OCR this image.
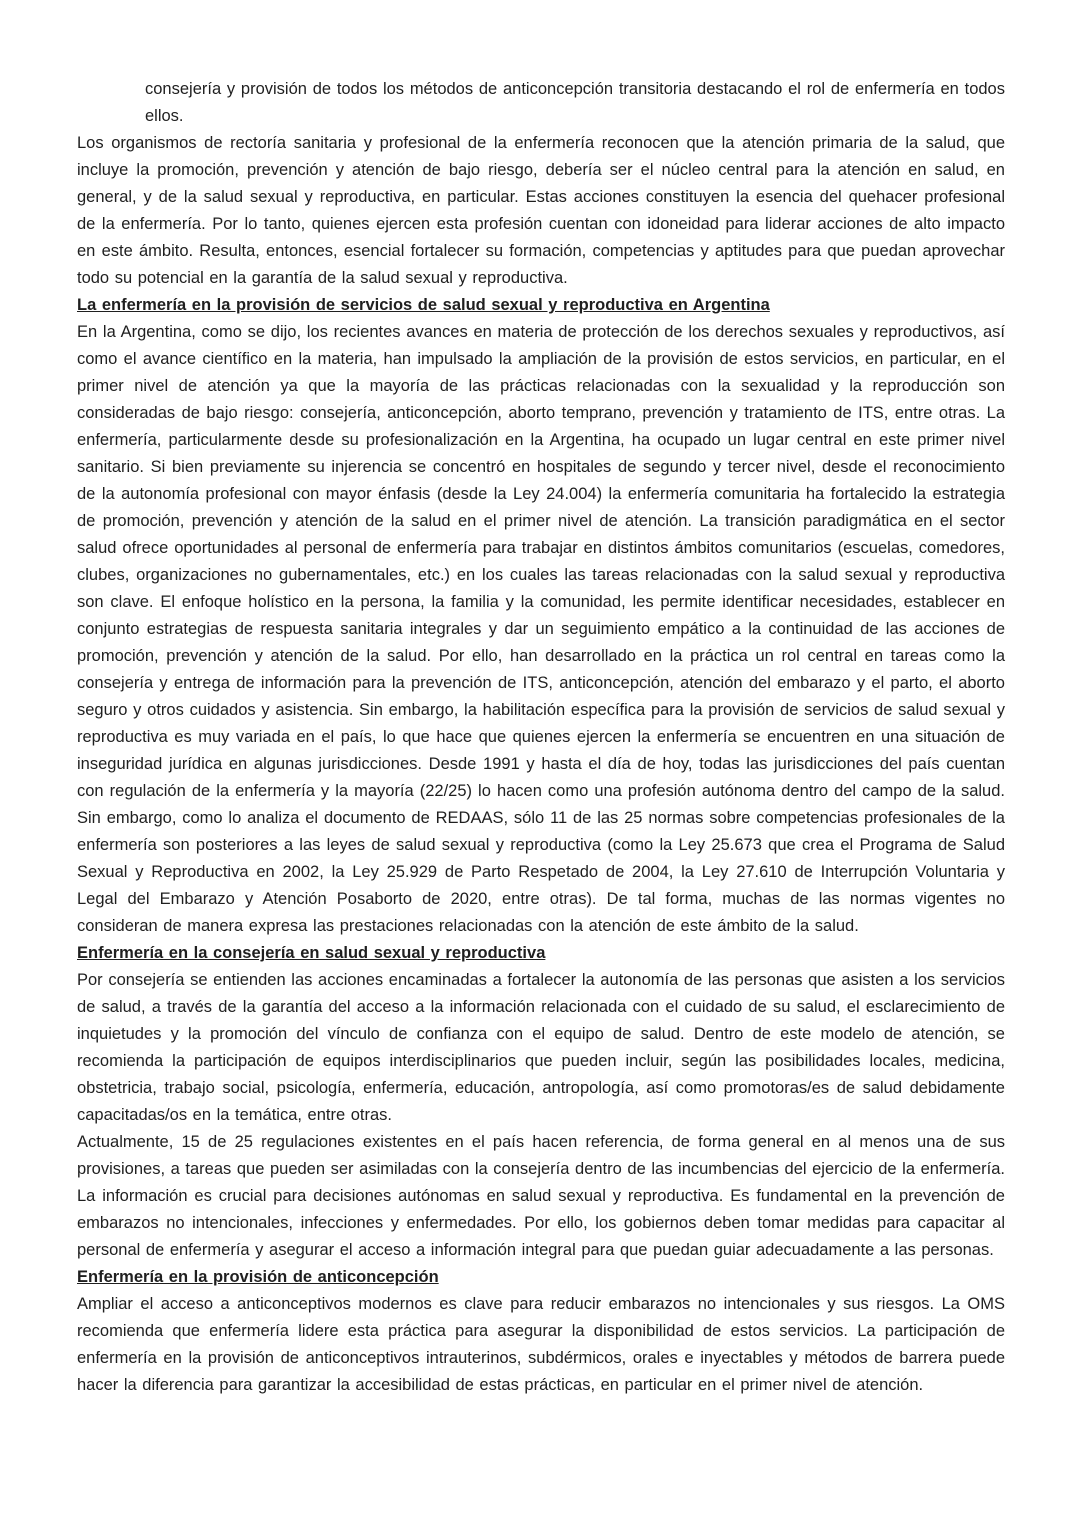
consejería y provisión de todos los métodos de anticoncepción transitoria destacando el rol de enfermería en todos ellos.

Los organismos de rectoría sanitaria y profesional de la enfermería reconocen que la atención primaria de la salud, que incluye la promoción, prevención y atención de bajo riesgo, debería ser el núcleo central para la atención en salud, en general, y de la salud sexual y reproductiva, en particular. Estas acciones constituyen la esencia del quehacer profesional de la enfermería. Por lo tanto, quienes ejercen esta profesión cuentan con idoneidad para liderar acciones de alto impacto en este ámbito. Resulta, entonces, esencial fortalecer su formación, competencias y aptitudes para que puedan aprovechar todo su potencial en la garantía de la salud sexual y reproductiva.

La enfermería en la provisión de servicios de salud sexual y reproductiva en Argentina

En la Argentina, como se dijo, los recientes avances en materia de protección de los derechos sexuales y reproductivos, así como el avance científico en la materia, han impulsado la ampliación de la provisión de estos servicios, en particular, en el primer nivel de atención ya que la mayoría de las prácticas relacionadas con la sexualidad y la reproducción son consideradas de bajo riesgo: consejería, anticoncepción, aborto temprano, prevención y tratamiento de ITS, entre otras. La enfermería, particularmente desde su profesionalización en la Argentina, ha ocupado un lugar central en este primer nivel sanitario. Si bien previamente su injerencia se concentró en hospitales de segundo y tercer nivel, desde el reconocimiento de la autonomía profesional con mayor énfasis (desde la Ley 24.004) la enfermería comunitaria ha fortalecido la estrategia de promoción, prevención y atención de la salud en el primer nivel de atención. La transición paradigmática en el sector salud ofrece oportunidades al personal de enfermería para trabajar en distintos ámbitos comunitarios (escuelas, comedores, clubes, organizaciones no gubernamentales, etc.) en los cuales las tareas relacionadas con la salud sexual y reproductiva son clave. El enfoque holístico en la persona, la familia y la comunidad, les permite identificar necesidades, establecer en conjunto estrategias de respuesta sanitaria integrales y dar un seguimiento empático a la continuidad de las acciones de promoción, prevención y atención de la salud. Por ello, han desarrollado en la práctica un rol central en tareas como la consejería y entrega de información para la prevención de ITS, anticoncepción, atención del embarazo y el parto, el aborto seguro y otros cuidados y asistencia. Sin embargo, la habilitación específica para la provisión de servicios de salud sexual y reproductiva es muy variada en el país, lo que hace que quienes ejercen la enfermería se encuentren en una situación de inseguridad jurídica en algunas jurisdicciones. Desde 1991 y hasta el día de hoy, todas las jurisdicciones del país cuentan con regulación de la enfermería y la mayoría (22/25) lo hacen como una profesión autónoma dentro del campo de la salud. Sin embargo, como lo analiza el documento de REDAAS, sólo 11 de las 25 normas sobre competencias profesionales de la enfermería son posteriores a las leyes de salud sexual y reproductiva (como la Ley 25.673 que crea el Programa de Salud Sexual y Reproductiva en 2002, la Ley 25.929 de Parto Respetado de 2004, la Ley 27.610 de Interrupción Voluntaria y Legal del Embarazo y Atención Posaborto de 2020, entre otras). De tal forma, muchas de las normas vigentes no consideran de manera expresa las prestaciones relacionadas con la atención de este ámbito de la salud.

Enfermería en la consejería en salud sexual y reproductiva

Por consejería se entienden las acciones encaminadas a fortalecer la autonomía de las personas que asisten a los servicios de salud, a través de la garantía del acceso a la información relacionada con el cuidado de su salud, el esclarecimiento de inquietudes y la promoción del vínculo de confianza con el equipo de salud. Dentro de este modelo de atención, se recomienda la participación de equipos interdisciplinarios que pueden incluir, según las posibilidades locales, medicina, obstetricia, trabajo social, psicología, enfermería, educación, antropología, así como promotoras/es de salud debidamente capacitadas/os en la temática, entre otras.

Actualmente, 15 de 25 regulaciones existentes en el país hacen referencia, de forma general en al menos una de sus provisiones, a tareas que pueden ser asimiladas con la consejería dentro de las incumbencias del ejercicio de la enfermería. La información es crucial para decisiones autónomas en salud sexual y reproductiva. Es fundamental en la prevención de embarazos no intencionales, infecciones y enfermedades. Por ello, los gobiernos deben tomar medidas para capacitar al personal de enfermería y asegurar el acceso a información integral para que puedan guiar adecuadamente a las personas.

Enfermería en la provisión de anticoncepción

Ampliar el acceso a anticonceptivos modernos es clave para reducir embarazos no intencionales y sus riesgos. La OMS recomienda que enfermería lidere esta práctica para asegurar la disponibilidad de estos servicios. La participación de enfermería en la provisión de anticonceptivos intrauterinos, subdérmicos, orales e inyectables y métodos de barrera puede hacer la diferencia para garantizar la accesibilidad de estas prácticas, en particular en el primer nivel de atención.
